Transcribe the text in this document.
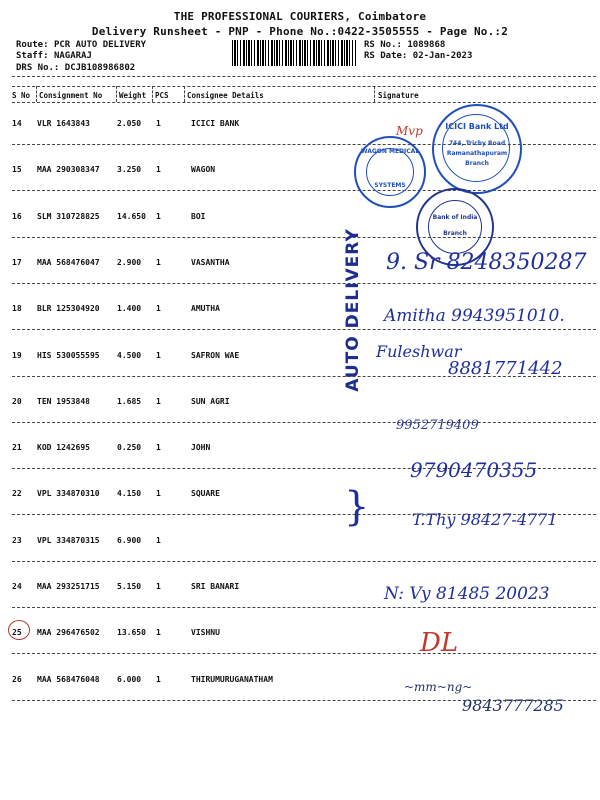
THE PROFESSIONAL COURIERS, Coimbatore
Delivery Runsheet - PNP - Phone No.:0422-3505555 - Page No.:2
Route: PCR AUTO DELIVERY
Staff: NAGARAJ
DRS No.: DCJB108986802
RS No.: 1089868
RS Date: 02-Jan-2023
S No Consignment No Weight PCS Consignee Details	Signature
14 VLR 1643843	2.050 1	ICICI BANK
15 MAA 290308347 3.250 1	WAGON
16 SLM 310728825 14.650 1	BOI
17 MAA 568476047 2.900 1	VASANTHA
18 BLR 125304920 1.400 1	AMUTHA
19 HIS 530055595 4.500 1	SAFRON WAE
20 TEN 1953848	1.685 1	SUN AGRI
21 KOD 1242695	0.250 1	JOHN
22 VPL 334870310 4.150 1	SQUARE
23 VPL 334870315 6.900 1
24 MAA 293251715 5.150 1	SRI BANARI
25 MAA 296476502 13.650 1	VISHNU
26 MAA 568476048 6.000 1	THIRUMURUGANATHAM
AUTO DELIVERY
ICICI Bank Ltd
744, Trichy Road
Ramanathapuram
Branch
WAGON MEDICAL
SYSTEMS
Bank of India
Branch
Mvp
9. Sr 8248350287
Amitha 9943951010.
Fuleshwar
8881771442
9952719409
9790470355
}	T.Thy 98427-4771
N: Vy 81485 20023
DL
~mm~ng~
9843777285
